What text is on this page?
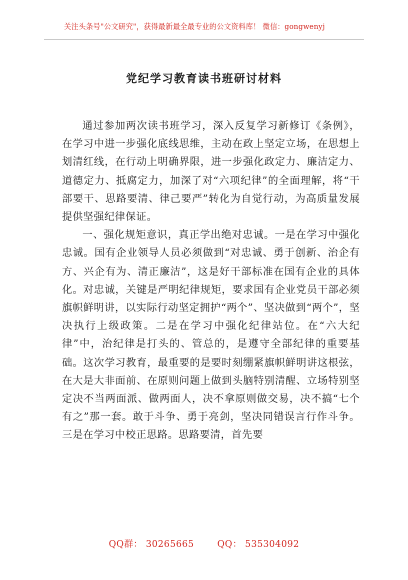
关注头条号"公文研究"，获得最新最全最专业的公文资料库！ 微信：gongwenyj
党纪学习教育读书班研讨材料

通过参加两次读书班学习，深入反复学习新修订《条例》，在学习中进一步强化底线思维，主动在政上坚定立场，在思想上划清红线，在行动上明确界限，进一步强化政定力、廉洁定力、道德定力、抵腐定力，加深了对“六项纪律”的全面理解，将“干部要干、思路要清、律己要严”转化为自觉行动，为高质量发展提供坚强纪律保证。

一、强化规矩意识，真正学出绝对忠诚。一是在学习中强化忠诚。国有企业领导人员必须做到“对忠诚、勇于创新、治企有方、兴企有为、清正廉洁”，这是好干部标准在国有企业的具体化。对忠诚，关键是严明纪律规矩，要求国有企业党员干部必须旗帜鲜明讲，以实际行动坚定拥护“两个”、坚决做到“两个”，坚决执行上级政策。二是在学习中强化纪律站位。在“六大纪律”中，治纪律是打头的、管总的，是遵守全部纪律的重要基础。这次学习教育，最重要的是要时刻绷紧旗帜鲜明讲这根弦，在大是大非面前、在原则问题上做到头脑特别清醒、立场特别坚定决不当两面派、做两面人，决不拿原则做交易，决不搞“七个有之”那一套。敢于斗争、勇于亮剑，坚决同错误言行作斗争。三是在学习中校正思路。思路要清，首先要

QQ群： 30265665	QQ： 535304092
